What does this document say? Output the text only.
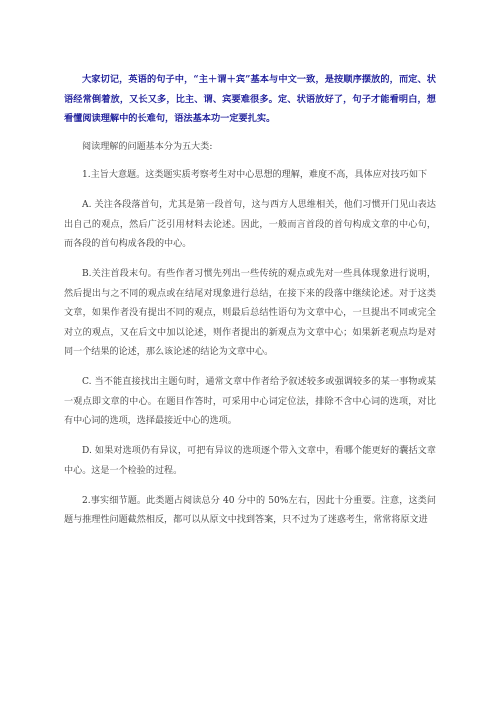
大家切记，英语的句子中，“主＋谓＋宾”基本与中文一致，是按顺序摆放的，而定、状语经常倒着放，又长又多，比主、谓、宾要难很多。定、状语放好了，句子才能看明白，想看懂阅读理解中的长难句，语法基本功一定要扎实。

阅读理解的问题基本分为五大类:

1.主旨大意题。这类题实质考察考生对中心思想的理解，难度不高，具体应对技巧如下

A. 关注各段落首句，尤其是第一段首句，这与西方人思维相关，他们习惯开门见山表达出自己的观点，然后广泛引用材料去论述。因此，一般而言首段的首句构成文章的中心句，而各段的首句构成各段的中心。

B.关注首段末句。有些作者习惯先列出一些传统的观点或先对一些具体现象进行说明，然后提出与之不同的观点或在结尾对现象进行总结，在接下来的段落中继续论述。对于这类文章，如果作者没有提出不同的观点，则最后总结性语句为文章中心，一旦提出不同或完全对立的观点，又在后文中加以论述，则作者提出的新观点为文章中心；如果新老观点均是对同一个结果的论述，那么该论述的结论为文章中心。

C. 当不能直接找出主题句时，通常文章中作者给予叙述较多或强调较多的某一事物或某一观点即文章的中心。在题目作答时，可采用中心词定位法，排除不含中心词的选项，对比有中心词的选项，选择最接近中心的选项。

D. 如果对选项仍有异议，可把有异议的选项逐个带入文章中，看哪个能更好的囊括文章中心。这是一个检验的过程。

2.事实细节题。此类题占阅读总分 40 分中的 50%左右，因此十分重要。注意，这类问题与推理性问题截然相反，都可以从原文中找到答案，只不过为了迷惑考生，常常将原文进
